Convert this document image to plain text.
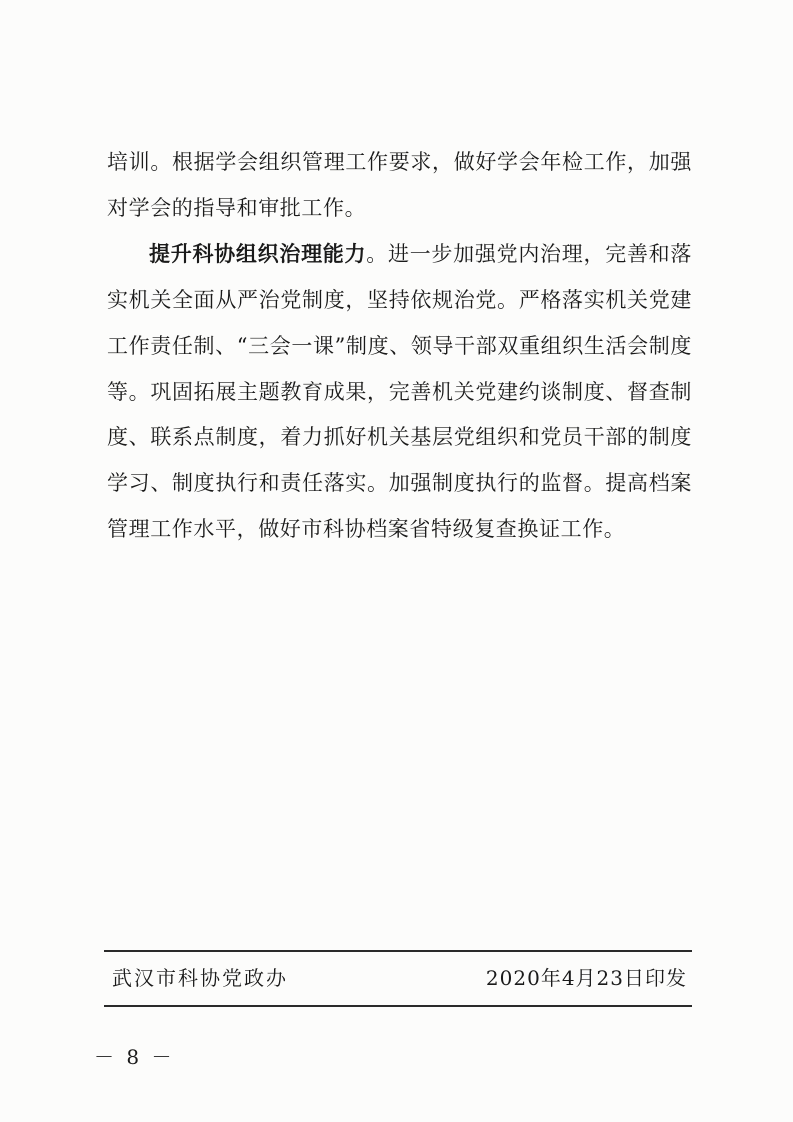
培训。根据学会组织管理工作要求，做好学会年检工作，加强对学会的指导和审批工作。

提升科协组织治理能力。进一步加强党内治理，完善和落实机关全面从严治党制度，坚持依规治党。严格落实机关党建工作责任制、“三会一课”制度、领导干部双重组织生活会制度等。巩固拓展主题教育成果，完善机关党建约谈制度、督查制度、联系点制度，着力抓好机关基层党组织和党员干部的制度学习、制度执行和责任落实。加强制度执行的监督。提高档案管理工作水平，做好市科协档案省特级复查换证工作。

武汉市科协党政办	2020年4月23日印发
－ 8 －
